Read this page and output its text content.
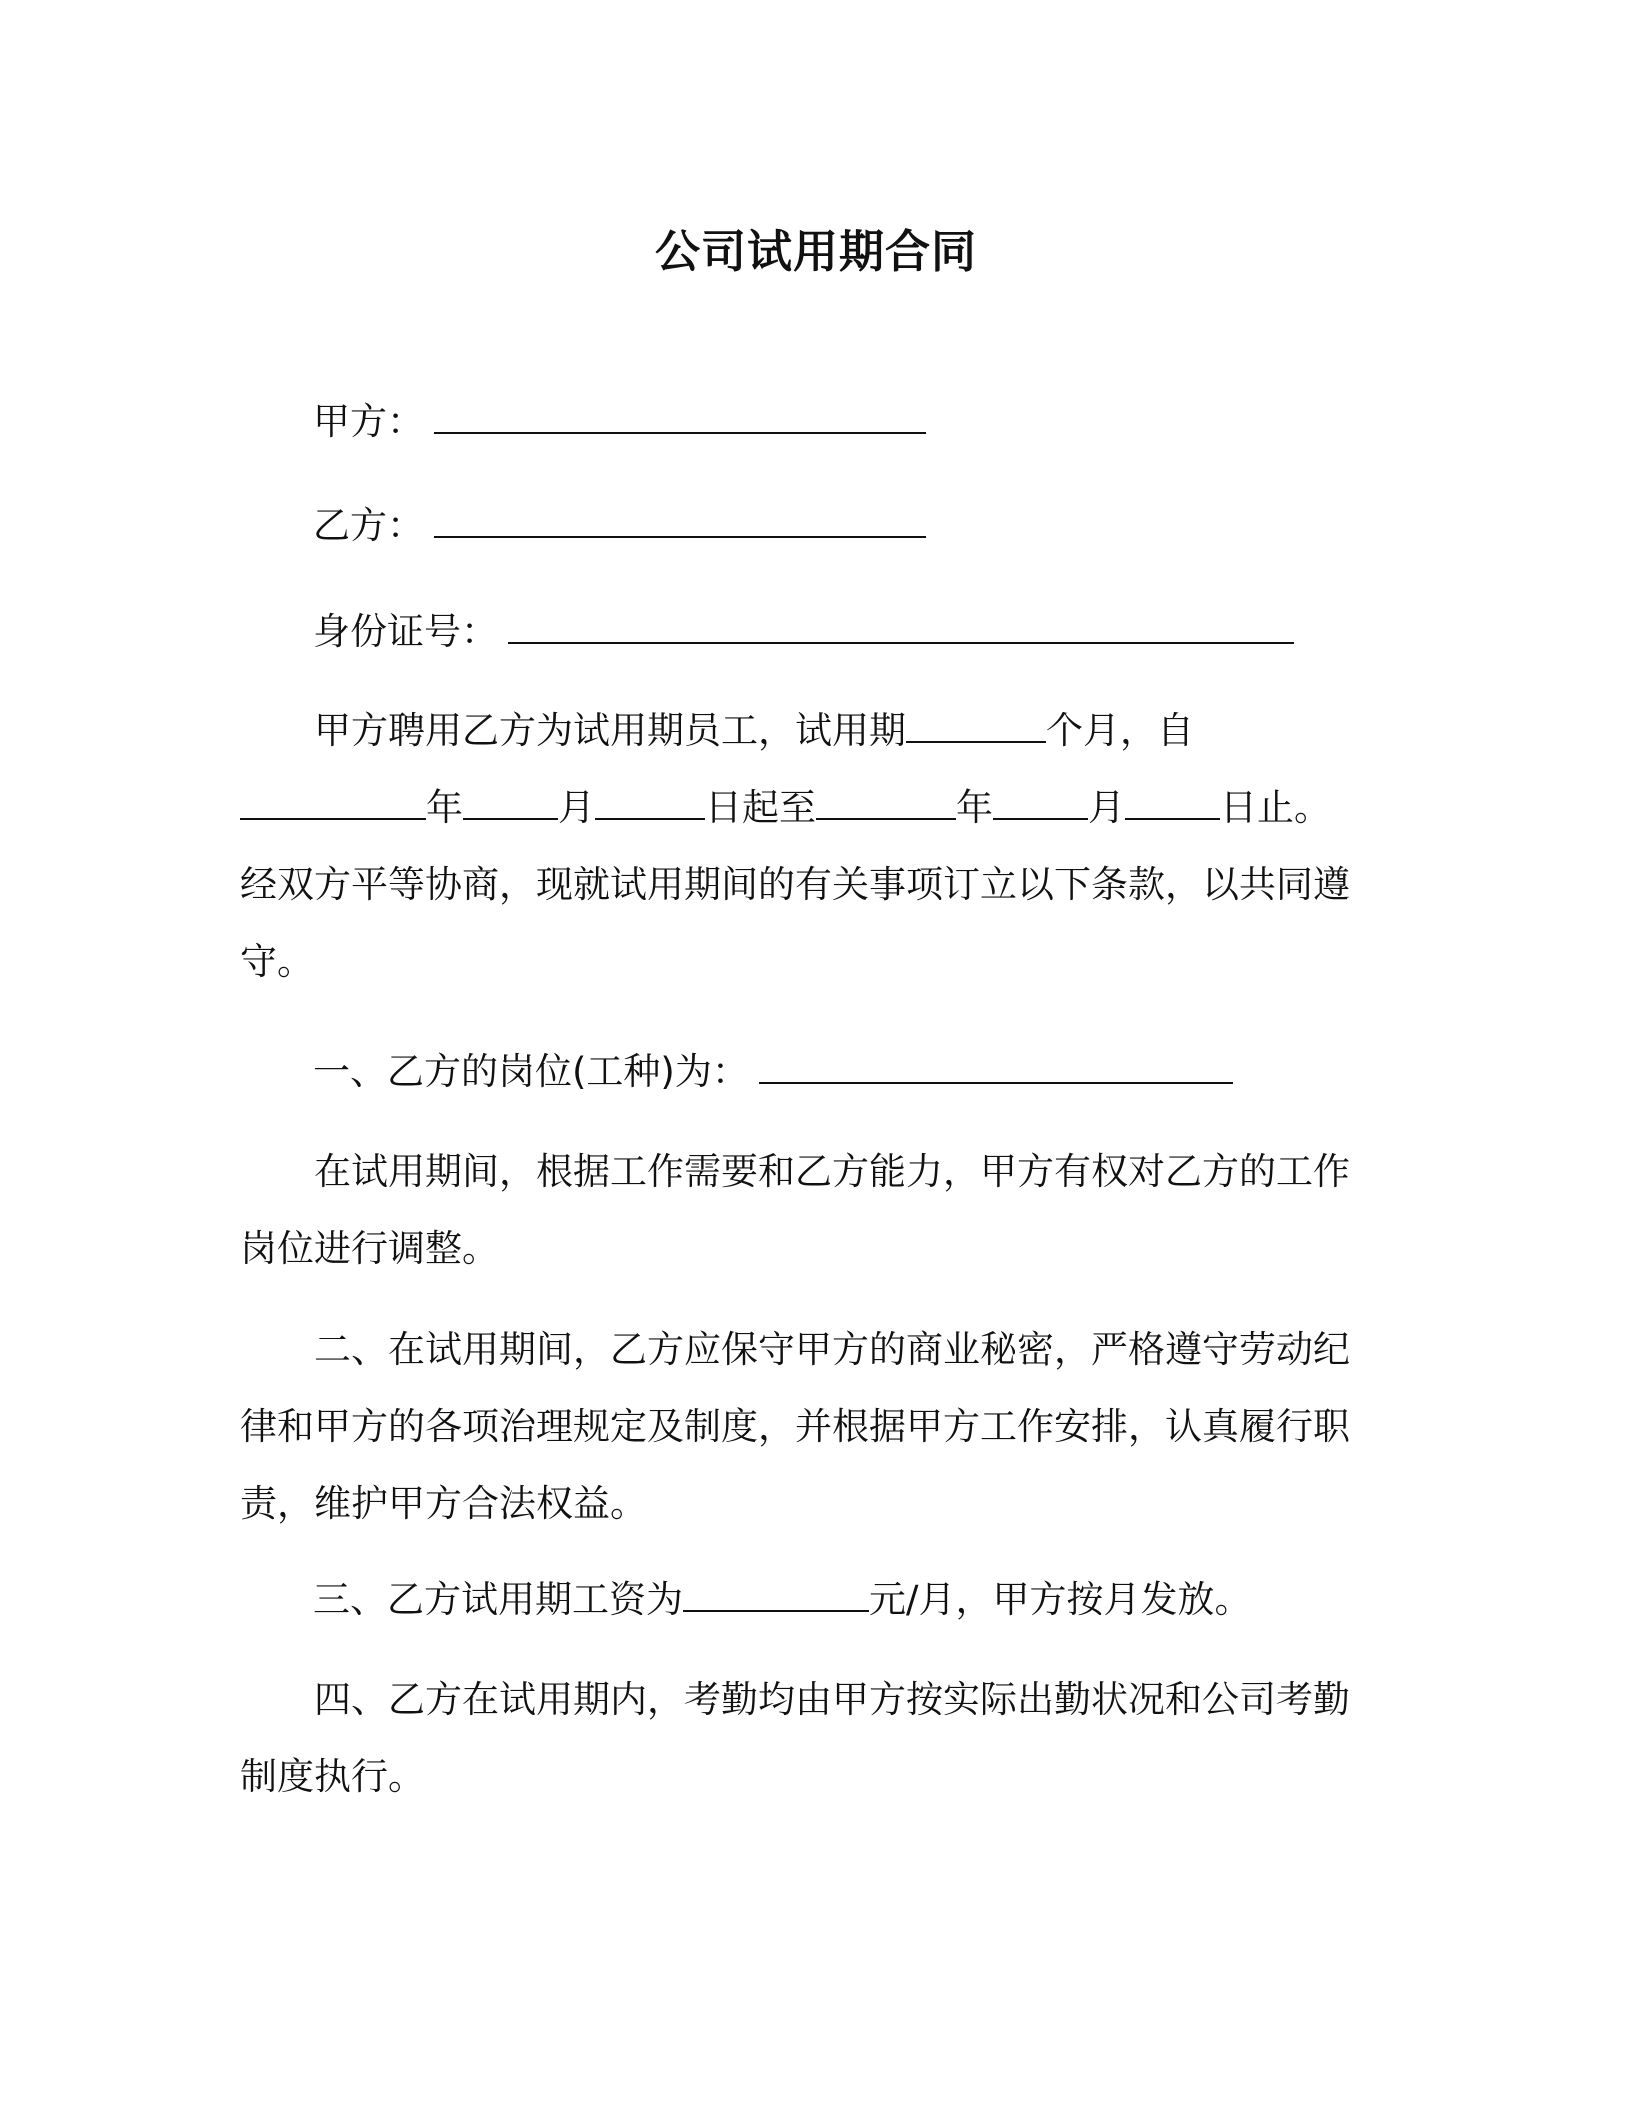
公司试用期合同
甲方：
乙方：
身份证号：
甲方聘用乙方为试用期员工，试用期	个月，自年	月	日起至	年	月	日止。经双方平等协商，现就试用期间的有关事项订立以下条款，以共同遵守。
一、乙方的岗位(工种)为：
在试用期间，根据工作需要和乙方能力，甲方有权对乙方的工作岗位进行调整。
二、在试用期间，乙方应保守甲方的商业秘密，严格遵守劳动纪律和甲方的各项治理规定及制度，并根据甲方工作安排，认真履行职责，维护甲方合法权益。
三、乙方试用期工资为	元/月，甲方按月发放。
四、乙方在试用期内，考勤均由甲方按实际出勤状况和公司考勤制度执行。
